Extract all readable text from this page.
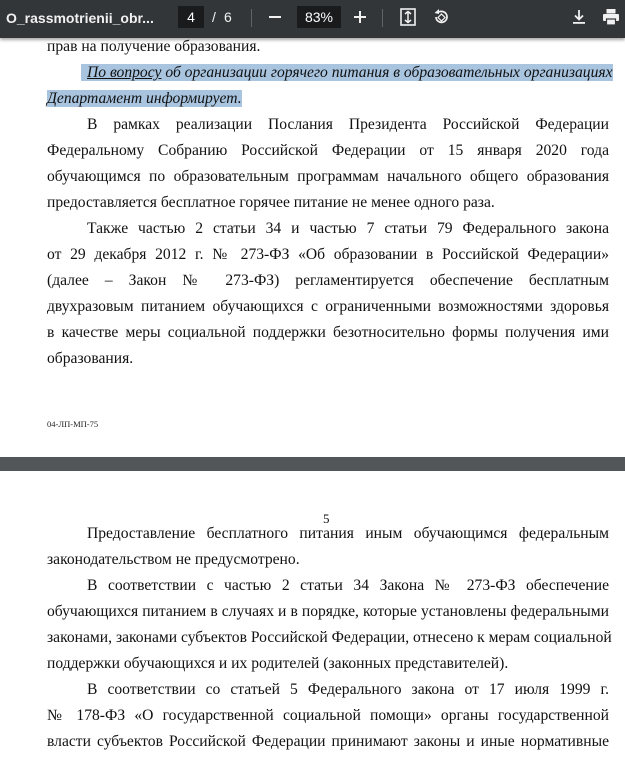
O_rassmotrienii_obr...
4	/ 6
83%
прав на получение образования.
По вопросу об организации горячего питания в образовательных организациях
Департамент информирует.
В рамках реализации Послания Президента Российской Федерации
Федеральному Собранию Российской Федерации от 15 января 2020 года
обучающимся по образовательным программам начального общего образования
предоставляется бесплатное горячее питание не менее одного раза.
Также частью 2 статьи 34 и частью 7 статьи 79 Федерального закона
от 29 декабря 2012 г. № 273-ФЗ «Об образовании в Российской Федерации»
(далее – Закон № 273-ФЗ) регламентируется обеспечение бесплатным
двухразовым питанием обучающихся с ограниченными возможностями здоровья
в качестве меры социальной поддержки безотносительно формы получения ими
образования.
04-ЛП-МП-75
5
Предоставление бесплатного питания иным обучающимся федеральным
законодательством не предусмотрено.
В соответствии с частью 2 статьи 34 Закона № 273-ФЗ обеспечение
обучающихся питанием в случаях и в порядке, которые установлены федеральными
законами, законами субъектов Российской Федерации, отнесено к мерам социальной
поддержки обучающихся и их родителей (законных представителей).
В соответствии со статьей 5 Федерального закона от 17 июля 1999 г.
№ 178-ФЗ «О государственной социальной помощи» органы государственной
власти субъектов Российской Федерации принимают законы и иные нормативные
